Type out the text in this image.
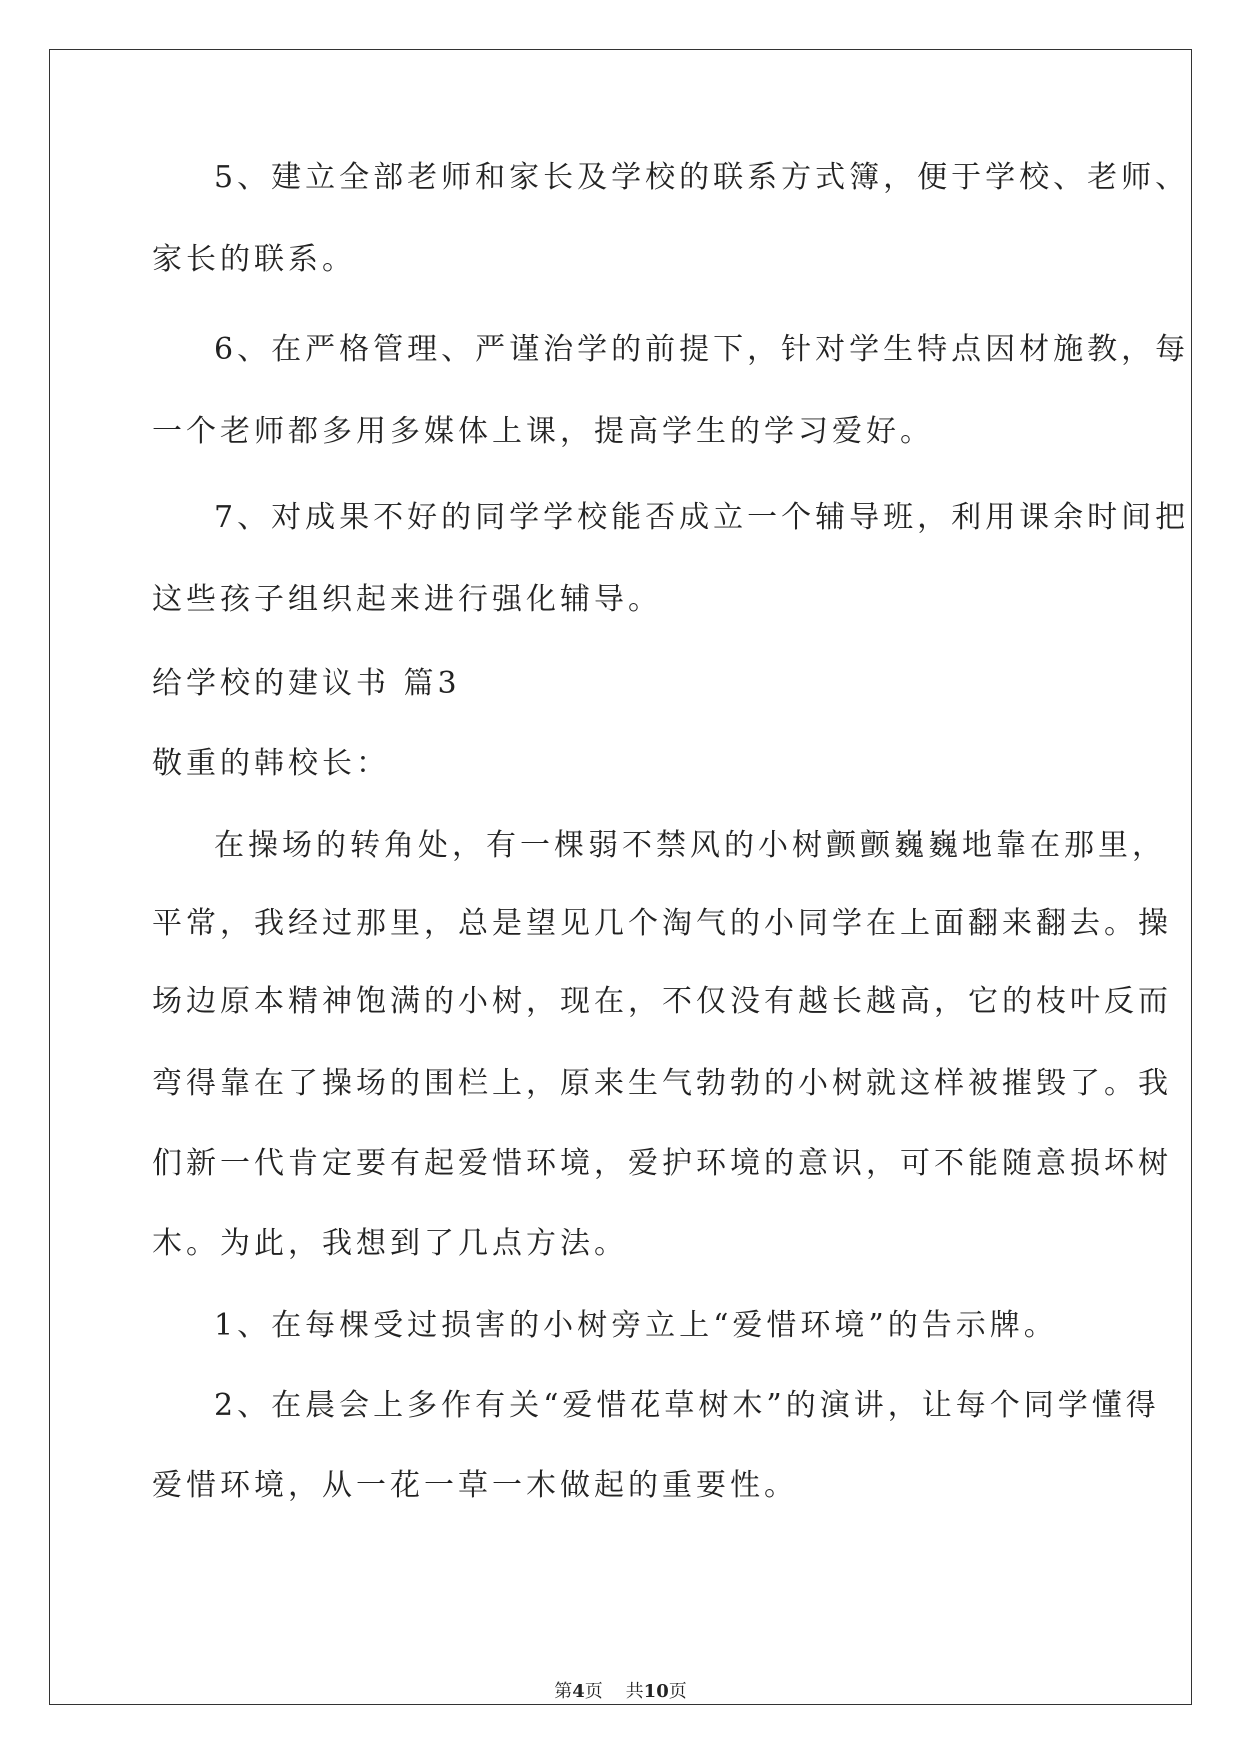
5、建立全部老师和家长及学校的联系方式簿，便于学校、老师、
家长的联系。
6、在严格管理、严谨治学的前提下，针对学生特点因材施教，每
一个老师都多用多媒体上课，提高学生的学习爱好。
7、对成果不好的同学学校能否成立一个辅导班，利用课余时间把
这些孩子组织起来进行强化辅导。
给学校的建议书 篇3
敬重的韩校长：
在操场的转角处，有一棵弱不禁风的小树颤颤巍巍地靠在那里，
平常，我经过那里，总是望见几个淘气的小同学在上面翻来翻去。操
场边原本精神饱满的小树，现在，不仅没有越长越高，它的枝叶反而
弯得靠在了操场的围栏上，原来生气勃勃的小树就这样被摧毁了。我
们新一代肯定要有起爱惜环境，爱护环境的意识，可不能随意损坏树
木。为此，我想到了几点方法。
1、在每棵受过损害的小树旁立上“爱惜环境”的告示牌。
2、在晨会上多作有关“爱惜花草树木”的演讲，让每个同学懂得
爱惜环境，从一花一草一木做起的重要性。
第4页 共10页
